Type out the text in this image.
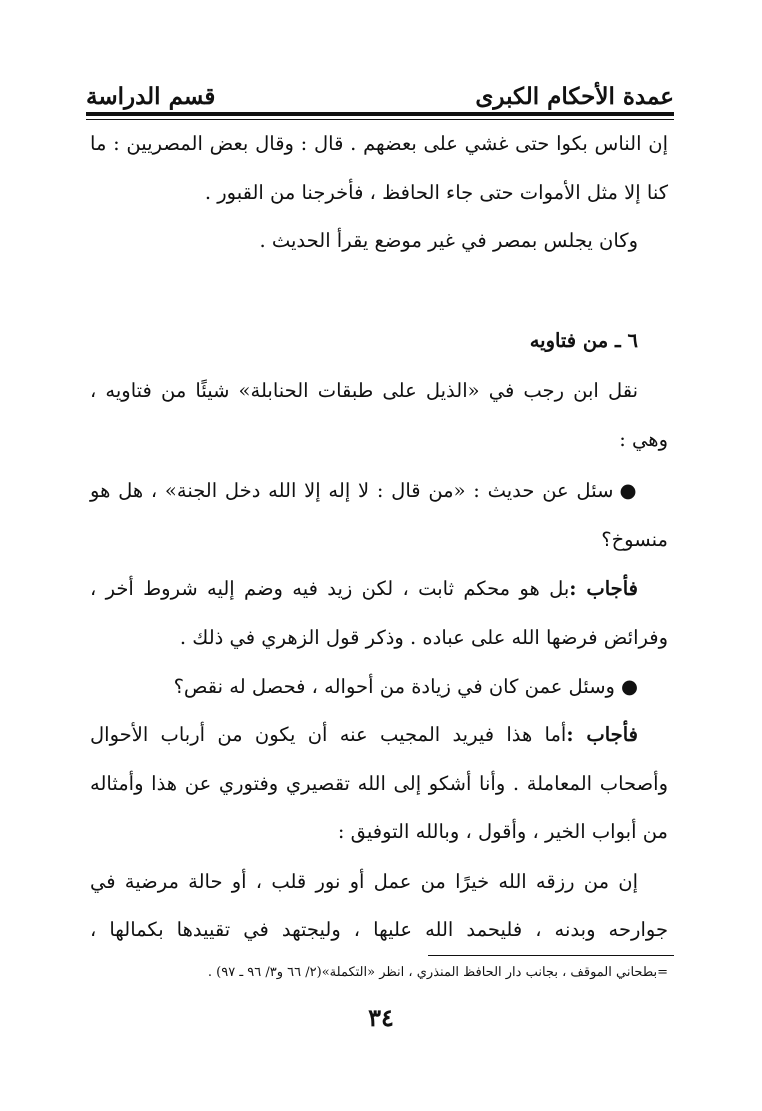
عمدة الأحكام الكبرى
قسم الدراسة
إن الناس بكوا حتى غشي على بعضهم . قال : وقال بعض المصريين : ما
كنا إلا مثل الأموات حتى جاء الحافظ ، فأخرجنا من القبور .
وكان يجلس بمصر في غير موضع يقرأ الحديث .
٦ ـ من فتاويه
نقل ابن رجب في «الذيل على طبقات الحنابلة» شيئًا من فتاويه ،
وهي :
●سئل عن حديث : «من قال : لا إله إلا الله دخل الجنة» ، هل هو
منسوخ؟
فأجاب :بل هو محكم ثابت ، لكن زيد فيه وضم إليه شروط أخر ،
وفرائض فرضها الله على عباده . وذكر قول الزهري في ذلك .
●وسئل عمن كان في زيادة من أحواله ، فحصل له نقص؟
فأجاب :أما هذا فيريد المجيب عنه أن يكون من أرباب الأحوال
وأصحاب المعاملة . وأنا أشكو إلى الله تقصيري وفتوري عن هذا وأمثاله
من أبواب الخير ، وأقول ، وبالله التوفيق :
إن من رزقه الله خيرًا من عمل أو نور قلب ، أو حالة مرضية في
جوارحه وبدنه ، فليحمد الله عليها ، وليجتهد في تقييدها بكمالها ،
=بطحاني الموقف ، بجانب دار الحافظ المنذري ، انظر «التكملة»(٢/ ٦٦ و٣/ ٩٦ ـ ٩٧) .
٣٤
